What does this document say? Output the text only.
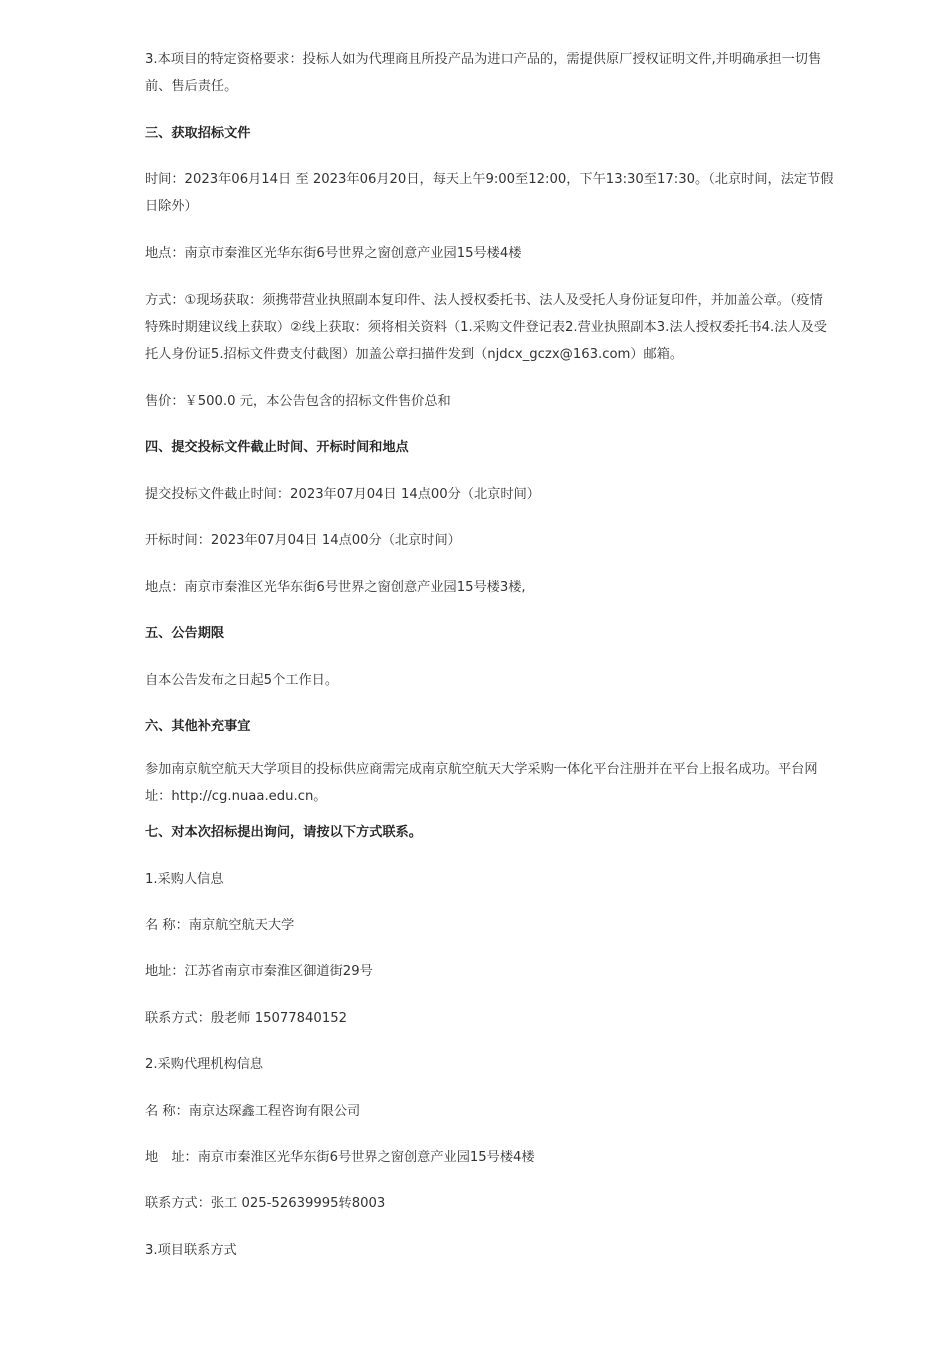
3.本项目的特定资格要求：投标人如为代理商且所投产品为进口产品的，需提供原厂授权证明文件,并明确承担一切售前、售后责任。

三、获取招标文件

时间：2023年06月14日 至 2023年06月20日，每天上午9:00至12:00，下午13:30至17:30。（北京时间，法定节假日除外）

地点：南京市秦淮区光华东街6号世界之窗创意产业园15号楼4楼

方式：①现场获取：须携带营业执照副本复印件、法人授权委托书、法人及受托人身份证复印件，并加盖公章。（疫情特殊时期建议线上获取）②线上获取：须将相关资料（1.采购文件登记表2.营业执照副本3.法人授权委托书4.法人及受托人身份证5.招标文件费支付截图）加盖公章扫描件发到（njdcx_gczx@163.com）邮箱。

售价：￥500.0 元，本公告包含的招标文件售价总和

四、提交投标文件截止时间、开标时间和地点

提交投标文件截止时间：2023年07月04日 14点00分（北京时间）

开标时间：2023年07月04日 14点00分（北京时间）

地点：南京市秦淮区光华东街6号世界之窗创意产业园15号楼3楼,

五、公告期限

自本公告发布之日起5个工作日。

六、其他补充事宜

参加南京航空航天大学项目的投标供应商需完成南京航空航天大学采购一体化平台注册并在平台上报名成功。平台网址：http://cg.nuaa.edu.cn。

七、对本次招标提出询问，请按以下方式联系。

1.采购人信息

名 称：南京航空航天大学

地址：江苏省南京市秦淮区御道街29号

联系方式：殷老师 15077840152

2.采购代理机构信息

名 称：南京达琛鑫工程咨询有限公司

地　址：南京市秦淮区光华东街6号世界之窗创意产业园15号楼4楼

联系方式：张工 025-52639995转8003

3.项目联系方式
